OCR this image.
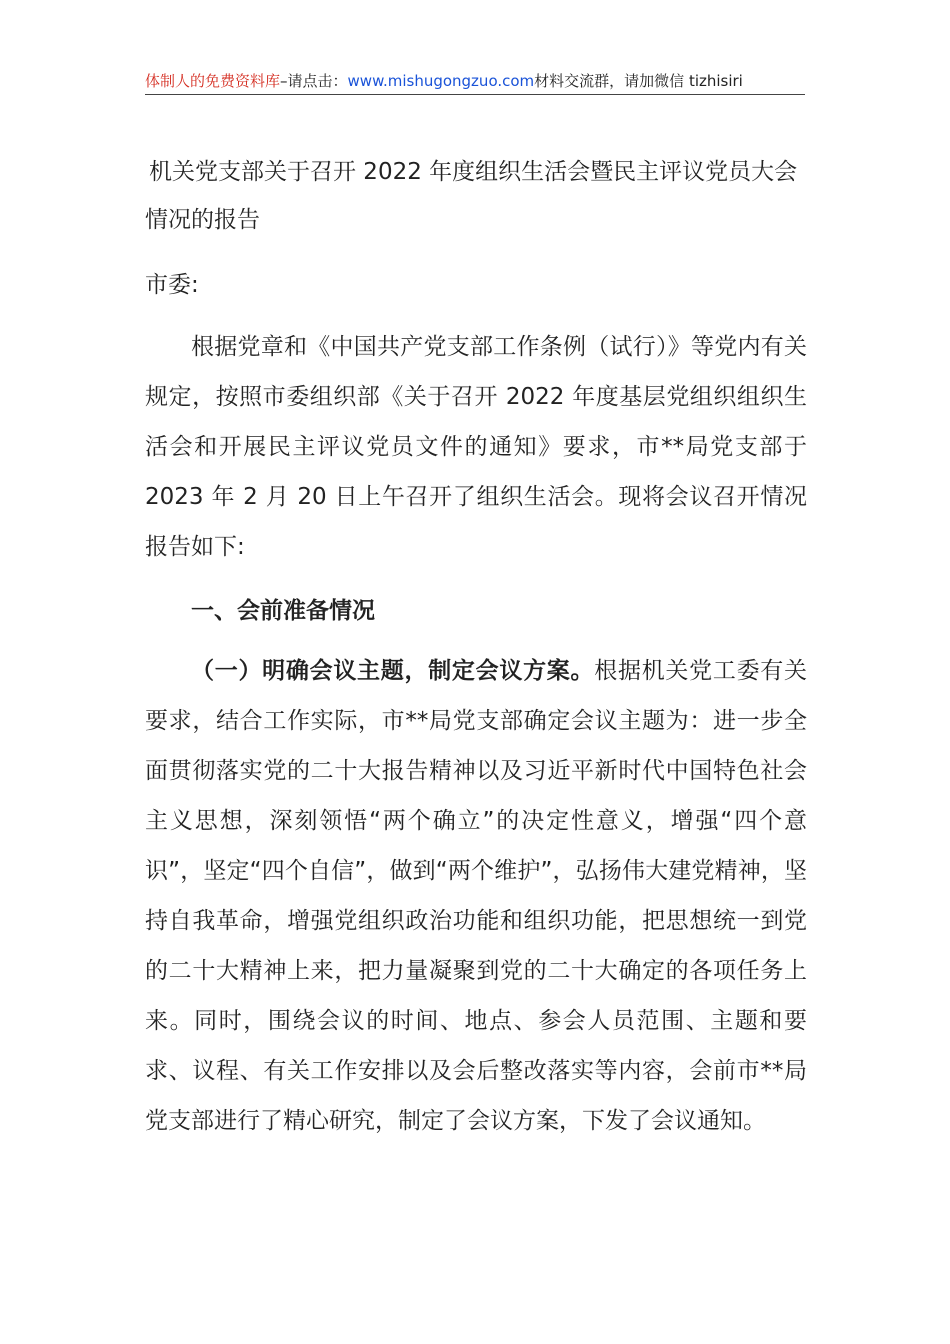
体制人的免费资料库–请点击：www.mishugongzuo.com材料交流群，请加微信 tizhisiri
机关党支部关于召开 2022 年度组织生活会暨民主评议党员大会情况的报告

市委:

根据党章和《中国共产党支部工作条例（试行）》等党内有关规定，按照市委组织部《关于召开 2022 年度基层党组织组织生活会和开展民主评议党员文件的通知》要求，市**局党支部于 2023 年 2 月 20 日上午召开了组织生活会。现将会议召开情况报告如下:

一、会前准备情况

（一）明确会议主题，制定会议方案。根据机关党工委有关要求，结合工作实际，市**局党支部确定会议主题为：进一步全面贯彻落实党的二十大报告精神以及习近平新时代中国特色社会主义思想，深刻领悟“两个确立”的决定性意义，增强“四个意识”，坚定“四个自信”，做到“两个维护”，弘扬伟大建党精神，坚持自我革命，增强党组织政治功能和组织功能，把思想统一到党的二十大精神上来，把力量凝聚到党的二十大确定的各项任务上来。同时，围绕会议的时间、地点、参会人员范围、主题和要求、议程、有关工作安排以及会后整改落实等内容，会前市**局党支部进行了精心研究，制定了会议方案，下发了会议通知。
